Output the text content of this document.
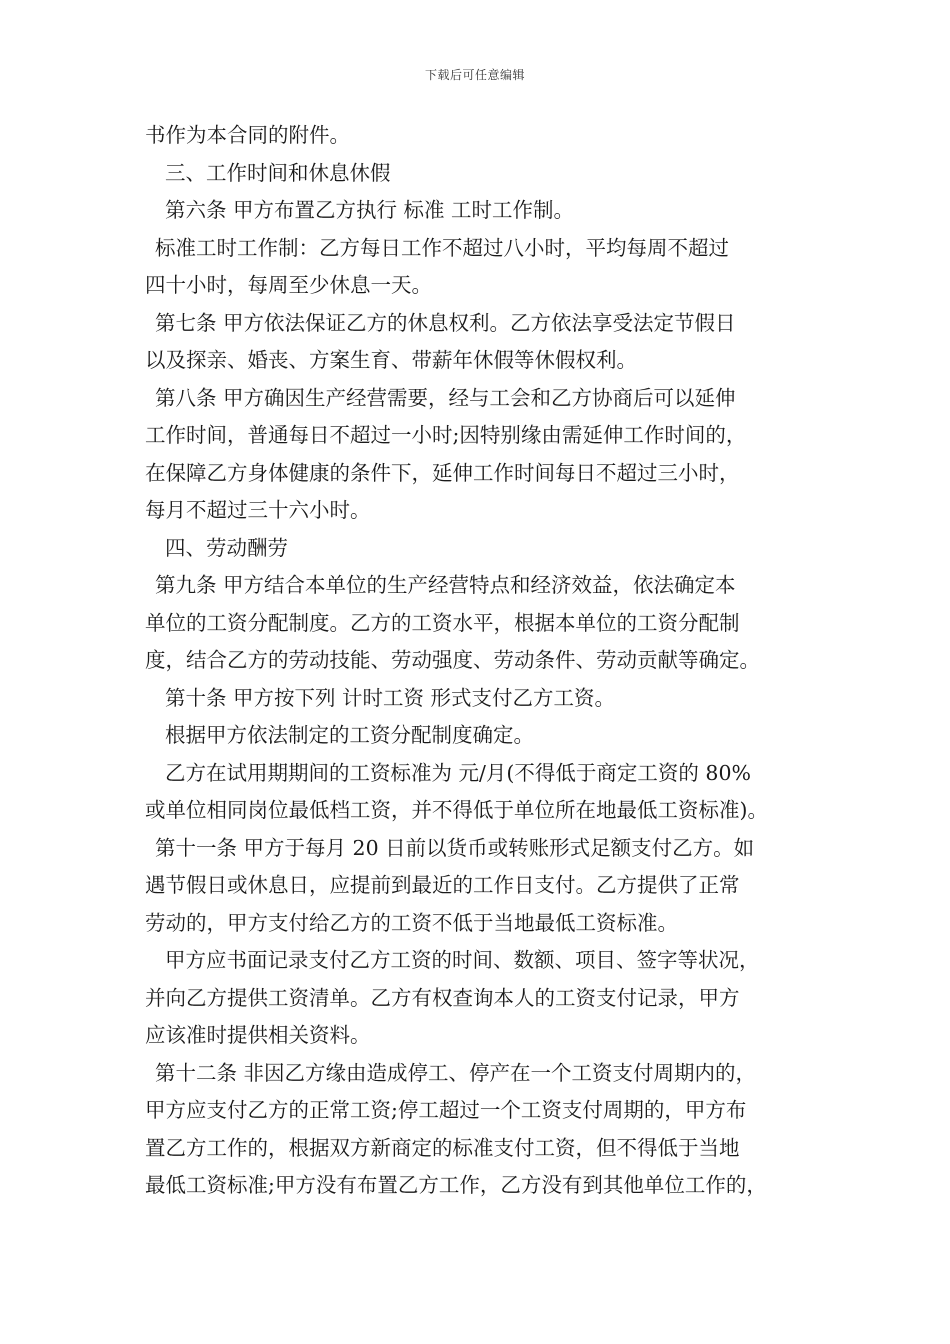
下载后可任意编辑
书作为本合同的附件。
三、工作时间和休息休假
第六条 甲方布置乙方执行 标准 工时工作制。
标准工时工作制：乙方每日工作不超过八小时，平均每周不超过
四十小时，每周至少休息一天。
第七条 甲方依法保证乙方的休息权利。乙方依法享受法定节假日
以及探亲、婚丧、方案生育、带薪年休假等休假权利。
第八条 甲方确因生产经营需要，经与工会和乙方协商后可以延伸
工作时间，普通每日不超过一小时;因特别缘由需延伸工作时间的，
在保障乙方身体健康的条件下，延伸工作时间每日不超过三小时，
每月不超过三十六小时。
四、劳动酬劳
第九条 甲方结合本单位的生产经营特点和经济效益，依法确定本
单位的工资分配制度。乙方的工资水平，根据本单位的工资分配制
度，结合乙方的劳动技能、劳动强度、劳动条件、劳动贡献等确定。
第十条 甲方按下列 计时工资 形式支付乙方工资。
根据甲方依法制定的工资分配制度确定。
乙方在试用期期间的工资标准为 元/月(不得低于商定工资的 80%
或单位相同岗位最低档工资，并不得低于单位所在地最低工资标准)。
第十一条 甲方于每月 20 日前以货币或转账形式足额支付乙方。如
遇节假日或休息日，应提前到最近的工作日支付。乙方提供了正常
劳动的，甲方支付给乙方的工资不低于当地最低工资标准。
甲方应书面记录支付乙方工资的时间、数额、项目、签字等状况，
并向乙方提供工资清单。乙方有权查询本人的工资支付记录，甲方
应该准时提供相关资料。
第十二条 非因乙方缘由造成停工、停产在一个工资支付周期内的，
甲方应支付乙方的正常工资;停工超过一个工资支付周期的，甲方布
置乙方工作的，根据双方新商定的标准支付工资，但不得低于当地
最低工资标准;甲方没有布置乙方工作，乙方没有到其他单位工作的，
